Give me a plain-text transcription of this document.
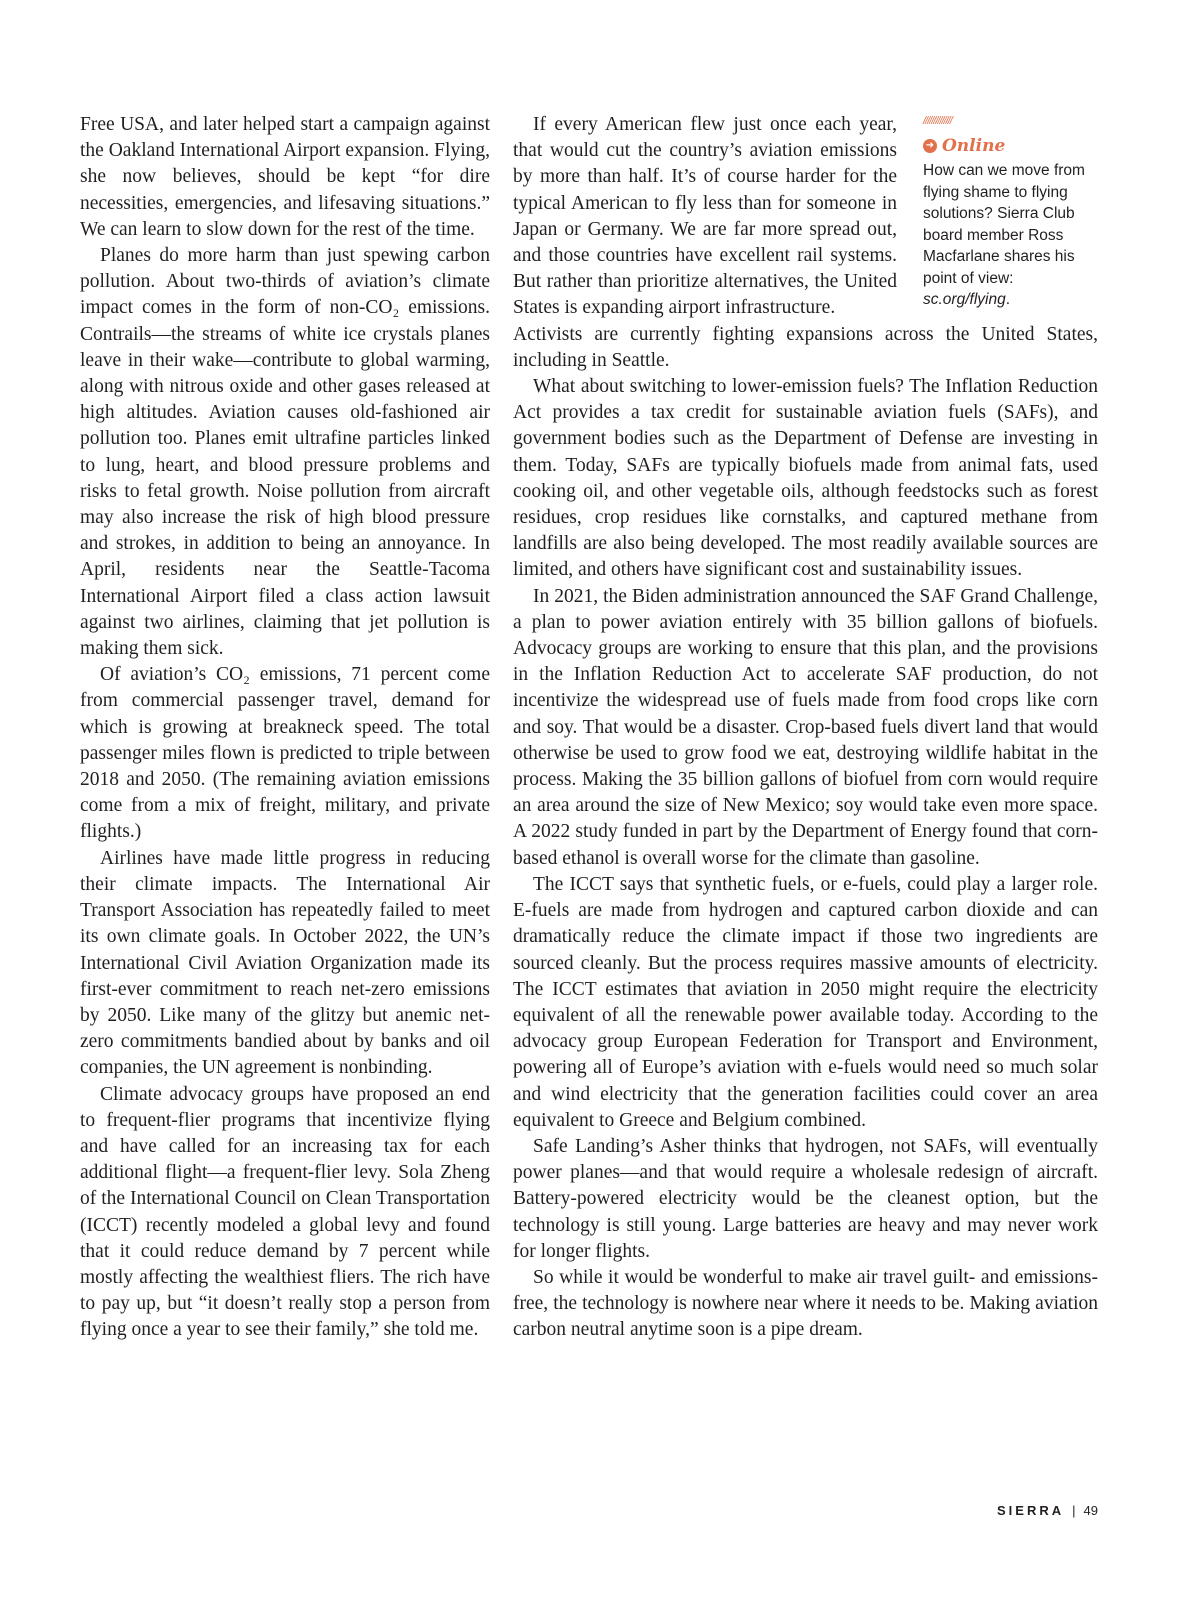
Free USA, and later helped start a campaign against the Oakland International Airport expansion. Flying, she now believes, should be kept “for dire necessities, emergencies, and lifesaving situations.” We can learn to slow down for the rest of the time.

Planes do more harm than just spewing carbon pollution. About two-thirds of aviation’s climate impact comes in the form of non-CO₂ emissions. Contrails—the streams of white ice crystals planes leave in their wake—contribute to global warming, along with nitrous oxide and other gases released at high altitudes. Aviation causes old-fashioned air pollution too. Planes emit ultrafine particles linked to lung, heart, and blood pressure problems and risks to fetal growth. Noise pollution from aircraft may also increase the risk of high blood pressure and strokes, in addition to being an annoyance. In April, residents near the Seattle-Tacoma International Airport filed a class action lawsuit against two airlines, claiming that jet pollution is making them sick.

Of aviation’s CO₂ emissions, 71 percent come from commercial passenger travel, demand for which is growing at breakneck speed. The total passenger miles flown is predicted to triple between 2018 and 2050. (The remaining aviation emissions come from a mix of freight, military, and private flights.)

Airlines have made little progress in reducing their climate impacts. The International Air Transport Association has repeatedly failed to meet its own climate goals. In October 2022, the UN’s International Civil Aviation Organization made its first-ever commitment to reach net-zero emissions by 2050. Like many of the glitzy but anemic net-zero commitments bandied about by banks and oil companies, the UN agreement is nonbinding.

Climate advocacy groups have proposed an end to frequent-flier programs that incentivize flying and have called for an increasing tax for each additional flight—a frequent-flier levy. Sola Zheng of the International Council on Clean Transportation (ICCT) recently modeled a global levy and found that it could reduce demand by 7 percent while mostly affecting the wealthiest fliers. The rich have to pay up, but “it doesn’t really stop a person from flying once a year to see their family,” she told me.

If every American flew just once each year, that would cut the country’s aviation emissions by more than half. It’s of course harder for the typical American to fly less than for someone in Japan or Germany. We are far more spread out, and those countries have excellent rail systems. But rather than prioritize alternatives, the United States is expanding airport infrastructure.

Activists are currently fighting expansions across the United States, including in Seattle.

What about switching to lower-emission fuels? The Inflation Reduction Act provides a tax credit for sustainable aviation fuels (SAFs), and government bodies such as the Department of Defense are investing in them. Today, SAFs are typically biofuels made from animal fats, used cooking oil, and other vegetable oils, although feedstocks such as forest residues, crop residues like cornstalks, and captured methane from landfills are also being developed. The most readily available sources are limited, and others have significant cost and sustainability issues.

In 2021, the Biden administration announced the SAF Grand Challenge, a plan to power aviation entirely with 35 billion gallons of biofuels. Advocacy groups are working to ensure that this plan, and the provisions in the Inflation Reduction Act to accelerate SAF production, do not incentivize the widespread use of fuels made from food crops like corn and soy. That would be a disaster. Crop-based fuels divert land that would otherwise be used to grow food we eat, destroying wildlife habitat in the process. Making the 35 billion gallons of biofuel from corn would require an area around the size of New Mexico; soy would take even more space. A 2022 study funded in part by the Department of Energy found that corn-based ethanol is overall worse for the climate than gasoline.

The ICCT says that synthetic fuels, or e-fuels, could play a larger role. E-fuels are made from hydrogen and captured carbon dioxide and can dramatically reduce the climate impact if those two ingredients are sourced cleanly. But the process requires massive amounts of electricity. The ICCT estimates that aviation in 2050 might require the electricity equivalent of all the renewable power available today. According to the advocacy group European Federation for Transport and Environment, powering all of Europe’s aviation with e-fuels would need so much solar and wind electricity that the generation facilities could cover an area equivalent to Greece and Belgium combined.

Safe Landing’s Asher thinks that hydrogen, not SAFs, will eventually power planes—and that would require a wholesale redesign of aircraft. Battery-powered electricity would be the cleanest option, but the technology is still young. Large batteries are heavy and may never work for longer flights.

So while it would be wonderful to make air travel guilt- and emissions-free, the technology is nowhere near where it needs to be. Making aviation carbon neutral anytime soon is a pipe dream.

//////////////
➜ Online
How can we move from flying shame to flying solutions? Sierra Club board member Ross Macfarlane shares his point of view: sc.org/flying.
SIERRA | 49
